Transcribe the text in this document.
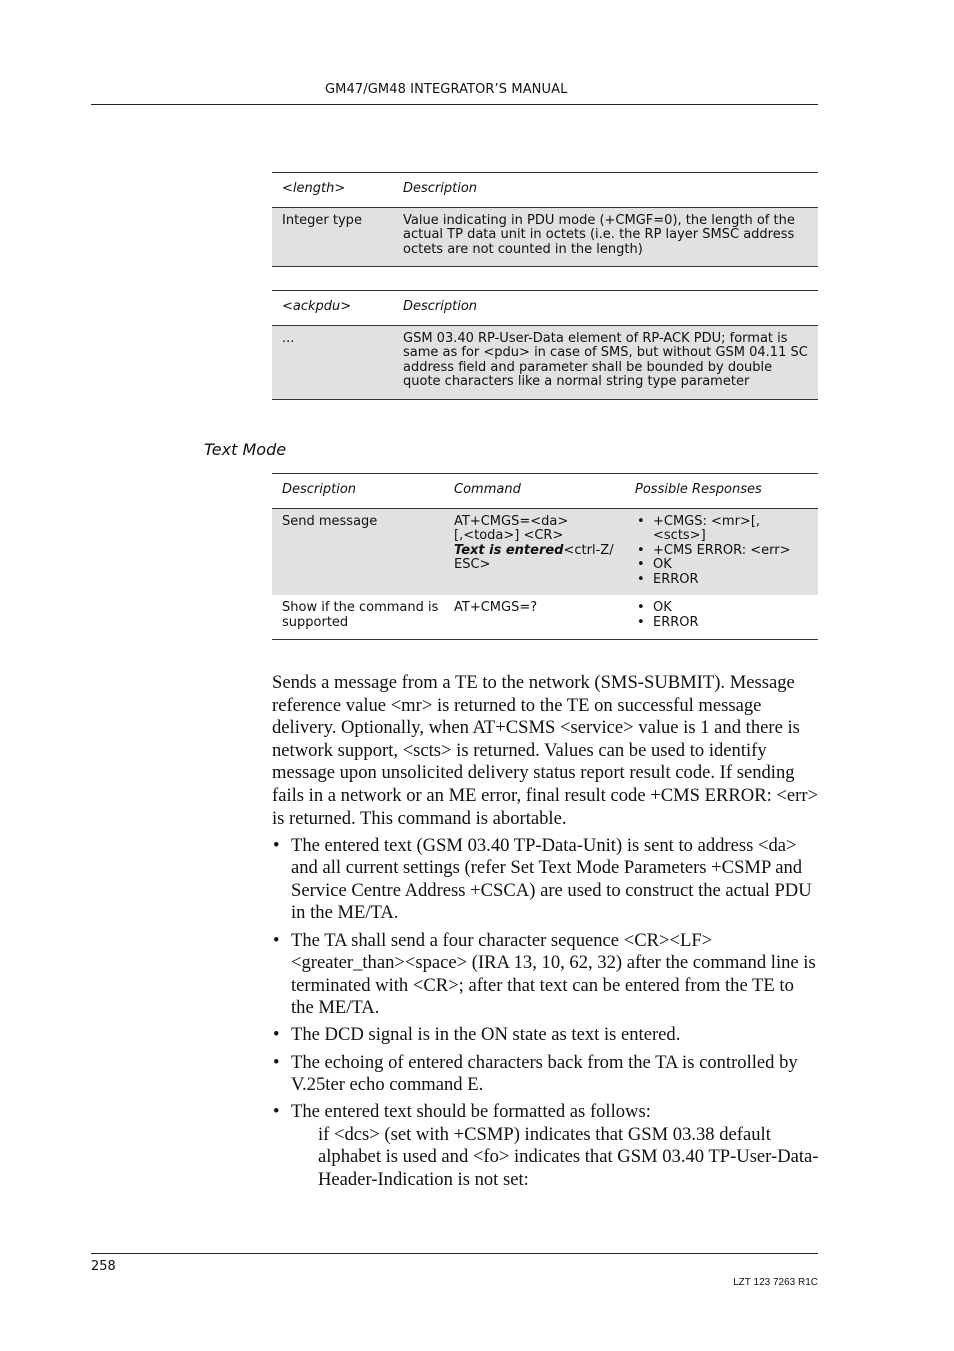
GM47/GM48 INTEGRATOR’S MANUAL
<length>	Description
Integer type	Value indicating in PDU mode (+CMGF=0), the length of the actual TP data unit in octets (i.e. the RP layer SMSC address octets are not counted in the length)
<ackpdu>	Description
...	GSM 03.40 RP-User-Data element of RP-ACK PDU; format is same as for <pdu> in case of SMS, but without GSM 04.11 SC address field and parameter shall be bounded by double quote characters like a normal string type parameter
Text Mode
Description	Command	Possible Responses
Send message	AT+CMGS=<da>
[,<toda>] <CR>
Text is entered<ctrl-Z/
ESC>
• +CMGS: <mr>[,<scts>]
• +CMS ERROR: <err>
• OK
• ERROR
Show if the command is supported
AT+CMGS=?
•	OK
• ERROR

Sends a message from a TE to the network (SMS-SUBMIT). Message reference value <mr> is returned to the TE on successful message delivery. Optionally, when AT+CSMS <service> value is 1 and there is network support, <scts> is returned. Values can be used to identify message upon unsolicited delivery status report result code. If sending fails in a network or an ME error, final result code +CMS ERROR: <err> is returned. This command is abortable.

• The entered text (GSM 03.40 TP-Data-Unit) is sent to address <da> and all current settings (refer Set Text Mode Parameters +CSMP and Service Centre Address +CSCA) are used to construct the actual PDU in the ME/TA.
• The TA shall send a four character sequence <CR><LF><greater_than><space> (IRA 13, 10, 62, 32) after the command line is terminated with <CR>; after that text can be entered from the TE to the ME/TA.
• The DCD signal is in the ON state as text is entered.
• The echoing of entered characters back from the TA is controlled by V.25ter echo command E.
• The entered text should be formatted as follows:

if <dcs> (set with +CSMP) indicates that GSM 03.38 default alphabet is used and <fo> indicates that GSM 03.40 TP-User-Data-Header-Indication is not set:

258
LZT 123 7263 R1C
